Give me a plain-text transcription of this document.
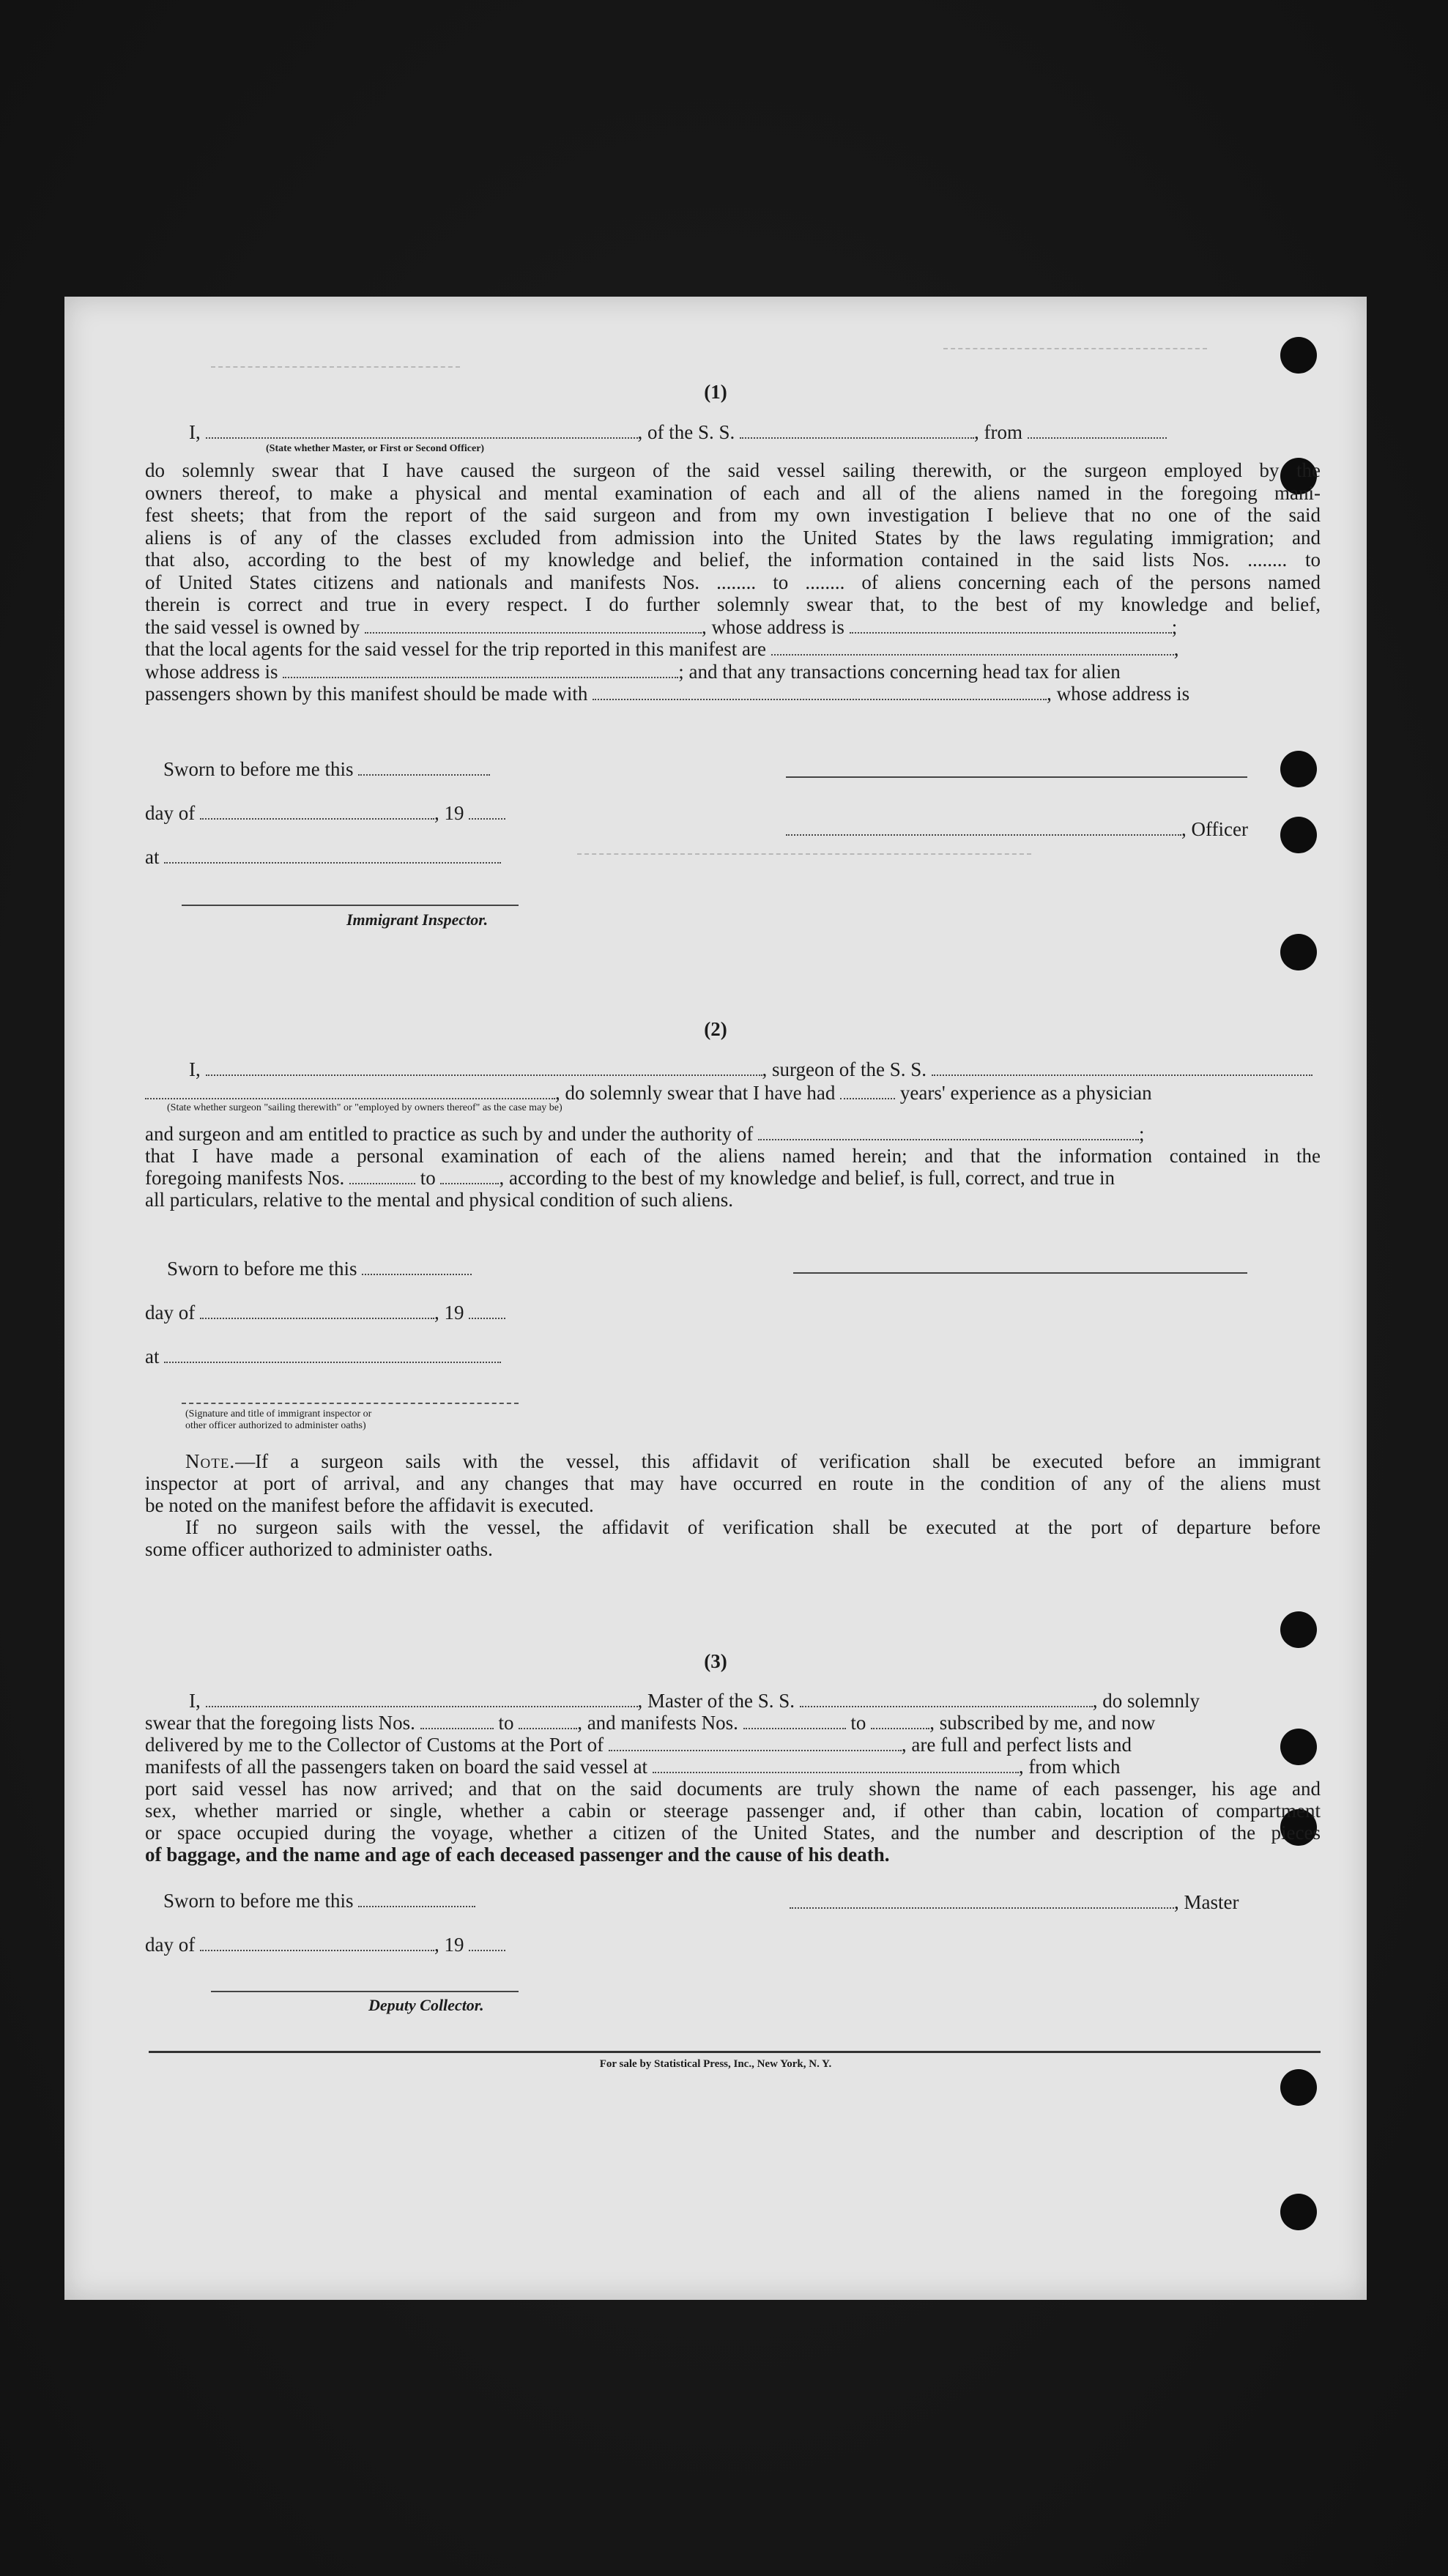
(1)
I,	, of the S. S.	, from
(State whether Master, or First or Second Officer)
do solemnly swear that I have caused the surgeon of the said vessel sailing therewith, or the surgeon employed by the
owners thereof, to make a physical and mental examination of each and all of the aliens named in the foregoing mani-
fest sheets; that from the report of the said surgeon and from my own investigation I believe that no one of the said
aliens is of any of the classes excluded from admission into the United States by the laws regulating immigration; and
that also, according to the best of my knowledge and belief, the information contained in the said lists Nos. ........ to
of United States citizens and nationals and manifests Nos. ........ to ........ of aliens concerning each of the persons named
therein is correct and true in every respect. I do further solemnly swear that, to the best of my knowledge and belief,
the said vessel is owned by	, whose address is	;
that the local agents for the said vessel for the trip reported in this manifest are	,
whose address is	; and that any transactions concerning head tax for alien
passengers shown by this manifest should be made with	, whose address is
Sworn to before me this
day of	, 19
at
Immigrant Inspector.
, Officer
(2)
I,	, surgeon of the S. S.
, do solemnly swear that I have had	years' experience as a physician
(State whether surgeon "sailing therewith" or "employed by owners thereof" as the case may be)
and surgeon and am entitled to practice as such by and under the authority of	;
that I have made a personal examination of each of the aliens named herein; and that the information contained in the
foregoing manifests Nos.	to	, according to the best of my knowledge and belief, is full, correct, and true in
all particulars, relative to the mental and physical condition of such aliens.
Sworn to before me this
day of	, 19
at
(Signature and title of immigrant inspector or
other officer authorized to administer oaths)
Note.—If a surgeon sails with the vessel, this affidavit of verification shall be executed before an immigrant
inspector at port of arrival, and any changes that may have occurred en route in the condition of any of the aliens must
be noted on the manifest before the affidavit is executed.
If no surgeon sails with the vessel, the affidavit of verification shall be executed at the port of departure before
some officer authorized to administer oaths.
(3)
I,	, Master of the S. S.	, do solemnly
swear that the foregoing lists Nos.	to	, and manifests Nos.	to	, subscribed by me, and now
delivered by me to the Collector of Customs at the Port of	, are full and perfect lists and
manifests of all the passengers taken on board the said vessel at	, from which
port said vessel has now arrived; and that on the said documents are truly shown the name of each passenger, his age and
sex, whether married or single, whether a cabin or steerage passenger and, if other than cabin, location of compartment
or space occupied during the voyage, whether a citizen of the United States, and the number and description of the pieces
of baggage, and the name and age of each deceased passenger and the cause of his death.
Sworn to before me this
day of	, 19
Deputy Collector.
, Master
For sale by Statistical Press, Inc., New York, N. Y.
